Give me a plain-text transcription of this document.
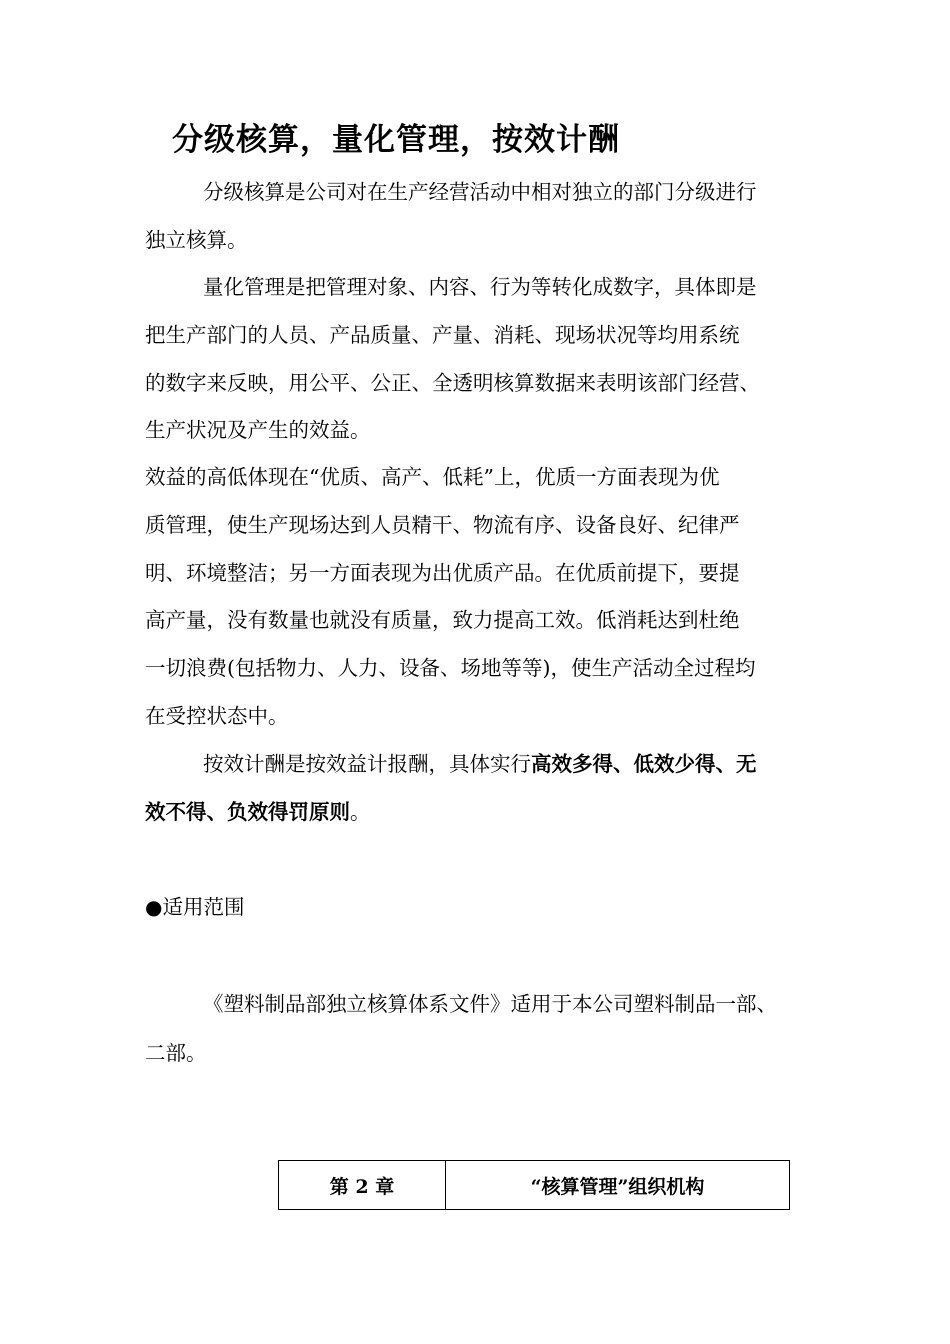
分级核算，量化管理，按效计酬
分级核算是公司对在生产经营活动中相对独立的部门分级进行
独立核算。
量化管理是把管理对象、内容、行为等转化成数字，具体即是
把生产部门的人员、产品质量、产量、消耗、现场状况等均用系统
的数字来反映，用公平、公正、全透明核算数据来表明该部门经营、
生产状况及产生的效益。
效益的高低体现在“优质、高产、低耗”上，优质一方面表现为优
质管理，使生产现场达到人员精干、物流有序、设备良好、纪律严
明、环境整洁；另一方面表现为出优质产品。在优质前提下，要提
高产量，没有数量也就没有质量，致力提高工效。低消耗达到杜绝
一切浪费(包括物力、人力、设备、场地等等)，使生产活动全过程均
在受控状态中。
按效计酬是按效益计报酬，具体实行高效多得、低效少得、无
效不得、负效得罚原则。
●适用范围
《塑料制品部独立核算体系文件》适用于本公司塑料制品一部、
二部。
第 2 章	“核算管理”组织机构
